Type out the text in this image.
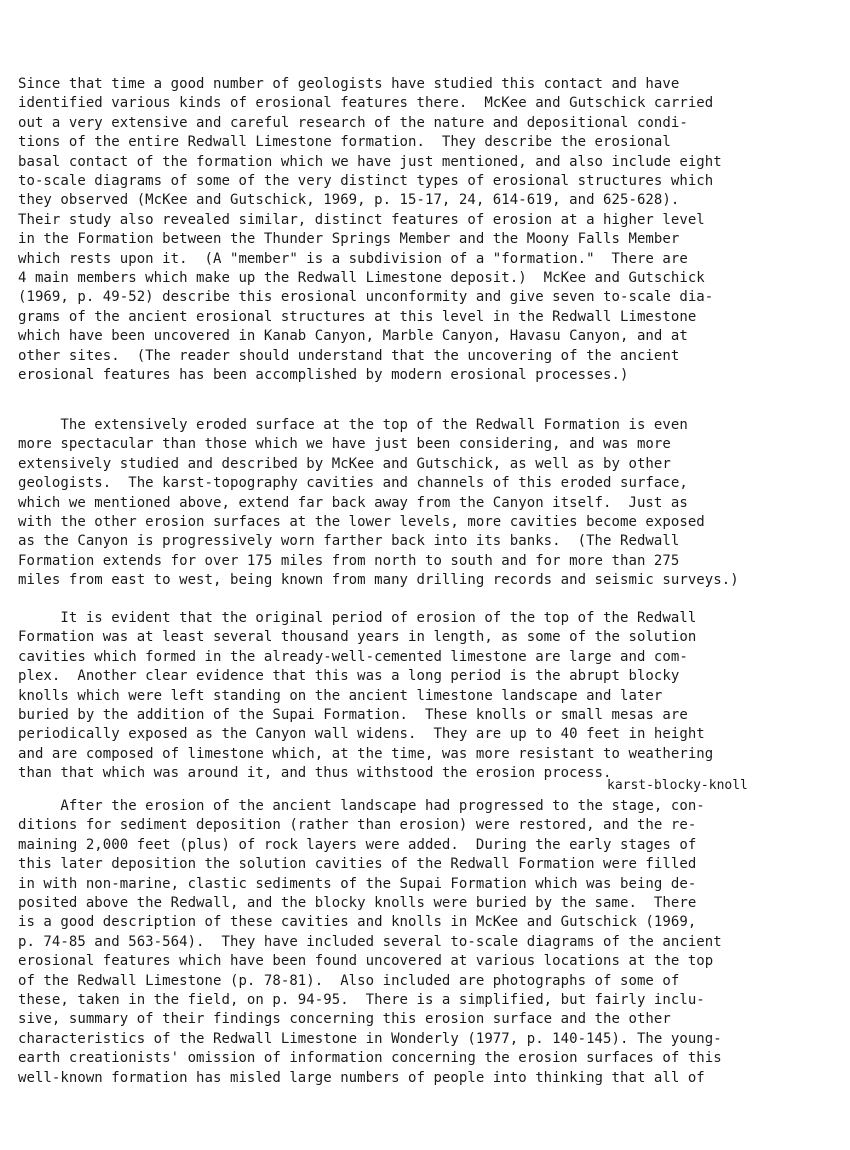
Since that time a good number of geologists have studied this contact and have
identified various kinds of erosional features there.  McKee and Gutschick carried
out a very extensive and careful research of the nature and depositional condi-
tions of the entire Redwall Limestone formation.  They describe the erosional
basal contact of the formation which we have just mentioned, and also include eight
to-scale diagrams of some of the very distinct types of erosional structures which
they observed (McKee and Gutschick, 1969, p. 15-17, 24, 614-619, and 625-628).
Their study also revealed similar, distinct features of erosion at a higher level
in the Formation between the Thunder Springs Member and the Moony Falls Member
which rests upon it.  (A "member" is a subdivision of a "formation."  There are
4 main members which make up the Redwall Limestone deposit.)  McKee and Gutschick
(1969, p. 49-52) describe this erosional unconformity and give seven to-scale dia-
grams of the ancient erosional structures at this level in the Redwall Limestone
which have been uncovered in Kanab Canyon, Marble Canyon, Havasu Canyon, and at
other sites.  (The reader should understand that the uncovering of the ancient
erosional features has been accomplished by modern erosional processes.)
The extensively eroded surface at the top of the Redwall Formation is even
more spectacular than those which we have just been considering, and was more
extensively studied and described by McKee and Gutschick, as well as by other
geologists.  The karst-topography cavities and channels of this eroded surface,
which we mentioned above, extend far back away from the Canyon itself.  Just as
with the other erosion surfaces at the lower levels, more cavities become exposed
as the Canyon is progressively worn farther back into its banks.  (The Redwall
Formation extends for over 175 miles from north to south and for more than 275
miles from east to west, being known from many drilling records and seismic surveys.)
It is evident that the original period of erosion of the top of the Redwall
Formation was at least several thousand years in length, as some of the solution
cavities which formed in the already-well-cemented limestone are large and com-
plex.  Another clear evidence that this was a long period is the abrupt blocky
knolls which were left standing on the ancient limestone landscape and later
buried by the addition of the Supai Formation.  These knolls or small mesas are
periodically exposed as the Canyon wall widens.  They are up to 40 feet in height
and are composed of limestone which, at the time, was more resistant to weathering
than that which was around it, and thus withstood the erosion process.
karst-blocky-knoll
After the erosion of the ancient landscape had progressed to the stage, con-
ditions for sediment deposition (rather than erosion) were restored, and the re-
maining 2,000 feet (plus) of rock layers were added.  During the early stages of
this later deposition the solution cavities of the Redwall Formation were filled
in with non-marine, clastic sediments of the Supai Formation which was being de-
posited above the Redwall, and the blocky knolls were buried by the same.  There
is a good description of these cavities and knolls in McKee and Gutschick (1969,
p. 74-85 and 563-564).  They have included several to-scale diagrams of the ancient
erosional features which have been found uncovered at various locations at the top
of the Redwall Limestone (p. 78-81).  Also included are photographs of some of
these, taken in the field, on p. 94-95.  There is a simplified, but fairly inclu-
sive, summary of their findings concerning this erosion surface and the other
characteristics of the Redwall Limestone in Wonderly (1977, p. 140-145). The young-
earth creationists' omission of information concerning the erosion surfaces of this
well-known formation has misled large numbers of people into thinking that all of
